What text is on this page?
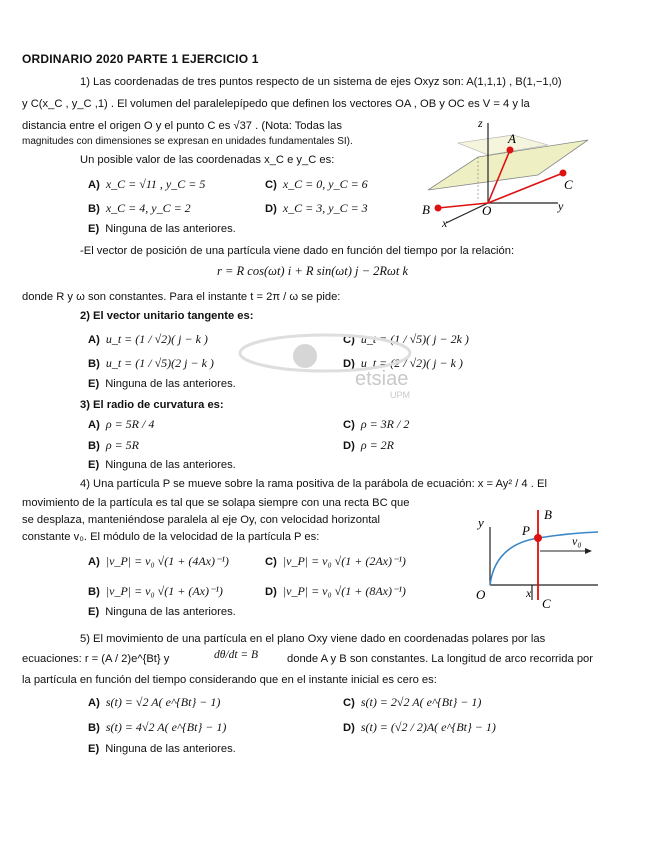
ORDINARIO 2020 PARTE 1 EJERCICIO 1
1) Las coordenadas de tres puntos respecto de un sistema de ejes Oxyz son: A(1,1,1) , B(1,−1,0)
y C(x_C , y_C ,1) . El volumen del paralelepípedo que definen los vectores OA , OB y OC es V = 4 y la
distancia entre el origen O y el punto C es √37 . (Nota: Todas las
magnitudes con dimensiones se expresan en unidades fundamentales SI).
Un posible valor de las coordenadas x_C e y_C es:
A) x_C = √11 , y_C = 5	C) x_C = 0, y_C = 6
B) x_C = 4, y_C = 2	D) x_C = 3, y_C = 3
E) Ninguna de las anteriores.
z
A
B
C
O
x
y
-El vector de posición de una partícula viene dado en función del tiempo por la relación:
r = R cos(ωt) i + R sin(ωt) j − 2Rωt k
donde R y ω son constantes. Para el instante t = 2π / ω se pide:
2) El vector unitario tangente es:
A) u_t = (1 / √2)( j − k )	C) u_t = (1 / √5)( j − 2k )
B) u_t = (1 / √5)(2 j − k )	D) u_t = (2 / √2)( j − k )
E) Ninguna de las anteriores.	etsiae
UPM
3) El radio de curvatura es:
A) ρ = 5R / 4	C) ρ = 3R / 2
B) ρ = 5R	D) ρ = 2R
E) Ninguna de las anteriores.
4) Una partícula P se mueve sobre la rama positiva de la parábola de ecuación: x = Ay² / 4 . El
movimiento de la partícula es tal que se solapa siempre con una recta BC que
se desplaza, manteniéndose paralela al eje Oy, con velocidad horizontal
constante v₀. El módulo de la velocidad de la partícula P es:
A) |v_P| = v₀ √(1 + (4Ax)⁻¹)	C) |v_P| = v₀ √(1 + (2Ax)⁻¹)
B) |v_P| = v₀ √(1 + (Ax)⁻¹)	D) |v_P| = v₀ √(1 + (8Ax)⁻¹)
E) Ninguna de las anteriores.
y
P
B
v₀
O	x
C
5) El movimiento de una partícula en el plano Oxy viene dado en coordenadas polares por las
ecuaciones: r = (A / 2)e^{Bt} y	dθ/dt = B	donde A y B son constantes. La longitud de arco recorrida por
la partícula en función del tiempo considerando que en el instante inicial es cero es:
A) s(t) = √2 A( e^{Bt} − 1)	C) s(t) = 2√2 A( e^{Bt} − 1)
B) s(t) = 4√2 A( e^{Bt} − 1)	D) s(t) = (√2 / 2)A( e^{Bt} − 1)
E) Ninguna de las anteriores.
